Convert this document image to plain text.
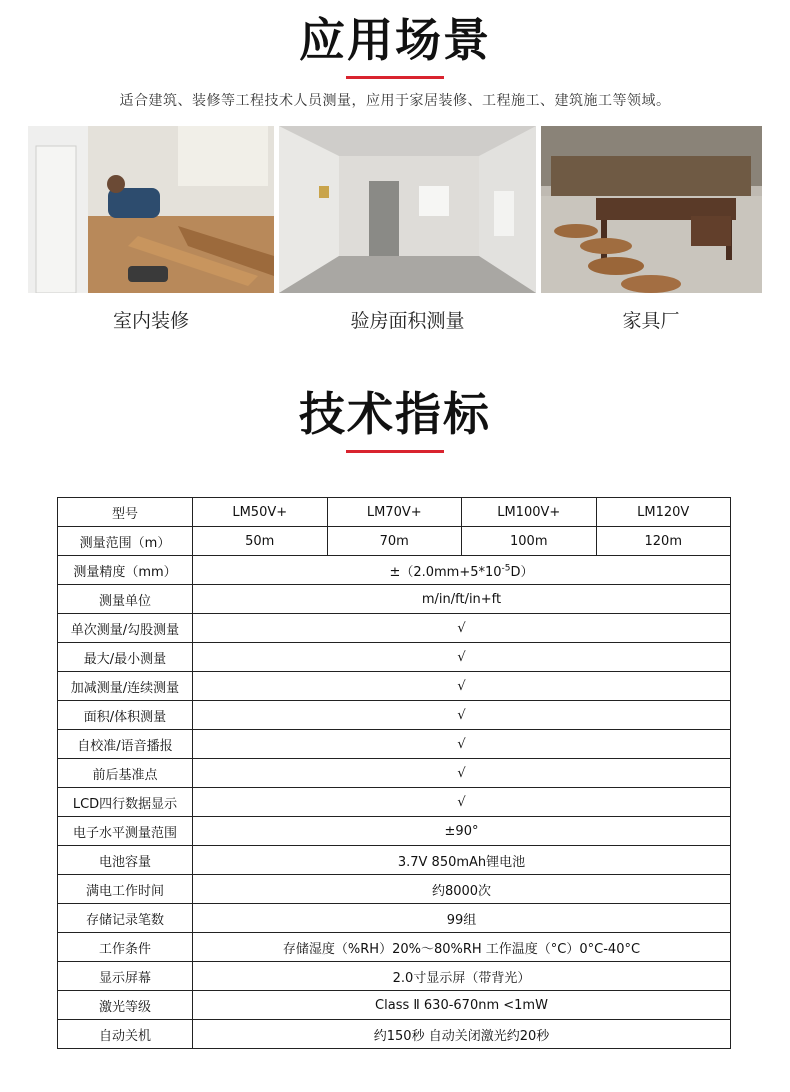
应用场景
适合建筑、装修等工程技术人员测量，应用于家居装修、工程施工、建筑施工等领域。
室内装修	验房面积测量	家具厂
技术指标
型号	LM50V+	LM70V+	LM100V+	LM120V
测量范围（m）	50m	70m	100m	120m
测量精度（mm）	$\pm(2.0mm+5*10^{-5}D)$			
测量单位	m/in/ft/in+ft			
单次测量/勾股测量	√			
最大/最小测量	√			
加减测量/连续测量	√			
面积/体积测量	√			
自校准/语音播报	√			
前后基准点	√			
LCD四行数据显示	√			
电子水平测量范围	±90°			
电池容量	3.7V 850mAh锂电池			
满电工作时间	约8000次			
存储记录笔数	99组			
工作条件	存储湿度（%RH）20%～80%RH 工作温度（°C）0°C-40°C			
显示屏幕	2.0寸显示屏（带背光）			
激光等级	Class Ⅱ 630-670nm <1mW			
自动关机	约150秒 自动关闭激光约20秒			
